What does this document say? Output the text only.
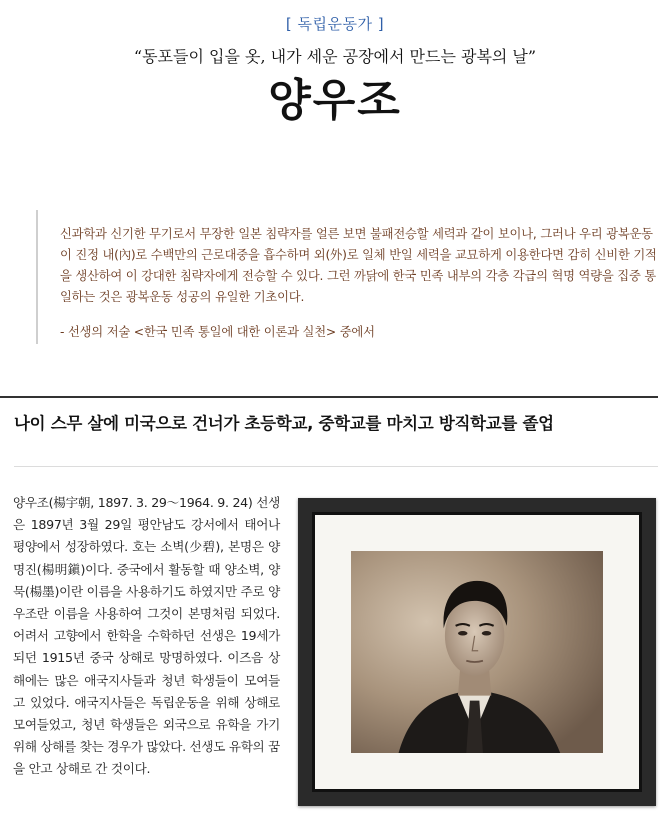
[ 독립운동가 ]
“동포들이 입을 옷, 내가 세운 공장에서 만드는 광복의 날”
양우조

신과학과 신기한 무기로서 무장한 일본 침략자를 얼른 보면 불패전승할 세력과 같이 보이나, 그러나 우리 광복운동이 진정 내(內)로 수백만의 근로대중을 흡수하며 외(外)로 일체 반일 세력을 교묘하게 이용한다면 감히 신비한 기적을 생산하여 이 강대한 침략자에게 전승할 수 있다. 그런 까닭에 한국 민족 내부의 각층 각급의 혁명 역량을 집중 통일하는 것은 광복운동 성공의 유일한 기초이다.

- 선생의 저술 <한국 민족 통일에 대한 이론과 실천> 중에서
나이 스무 살에 미국으로 건너가 초등학교, 중학교를 마치고 방직학교를 졸업

양우조(楊宇朝, 1897. 3. 29～1964. 9. 24) 선생은 1897년 3월 29일 평안남도 강서에서 태어나 평양에서 성장하였다. 호는 소벽(少碧), 본명은 양명진(楊明鎭)이다. 중국에서 활동할 때 양소벽, 양묵(楊墨)이란 이름을 사용하기도 하였지만 주로 양우조란 이름을 사용하여 그것이 본명처럼 되었다. 어려서 고향에서 한학을 수학하던 선생은 19세가 되던 1915년 중국 상해로 망명하였다. 이즈음 상해에는 많은 애국지사들과 청년 학생들이 모여들고 있었다. 애국지사들은 독립운동을 위해 상해로 모여들었고, 청년 학생들은 외국으로 유학을 가기 위해 상해를 찾는 경우가 많았다. 선생도 유학의 꿈을 안고 상해로 간 것이다.
